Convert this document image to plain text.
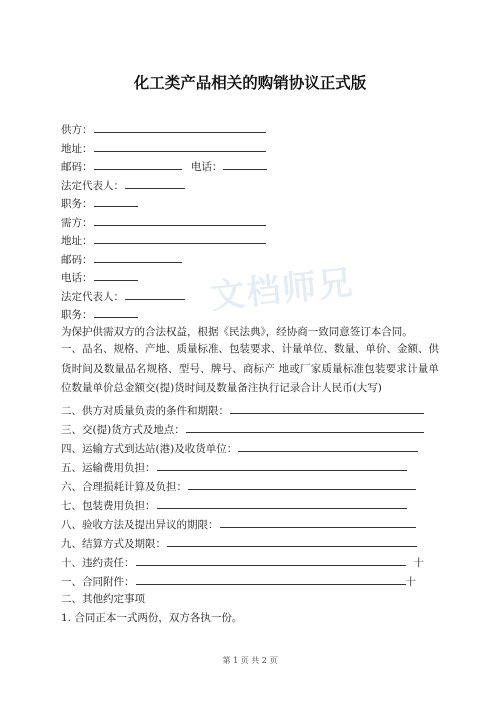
化工类产品相关的购销协议正式版
文档师兄
供方：
地址：
邮码：	电话：
法定代表人：
职务：
需方：
地址：
邮码：
电话：
法定代表人：
职务：
为保护供需双方的合法权益，根据《民法典》，经协商一致同意签订本合同。
一、品名、规格、产地、质量标准、包装要求、计量单位、数量、单价、金额、供货时间及数量品名规格、型号、牌号、商标产 地或厂家质量标准包装要求计量单位数量单价总金额交(提)货时间及数量备注执行记录合计人民币(大写)
二、供方对质量负责的条件和期限：
三、交(提)货方式及地点：
四、运输方式到达站(港)及收货单位：
五、运输费用负担：
六、合理损耗计算及负担：
七、包装费用负担：
八、验收方法及提出异议的期限：
九、结算方式及期限：
十、违约责任：	十
一、合同附件：	十
二、其他约定事项
1. 合同正本一式两份，双方各执一份。
第 1 页 共 2 页
